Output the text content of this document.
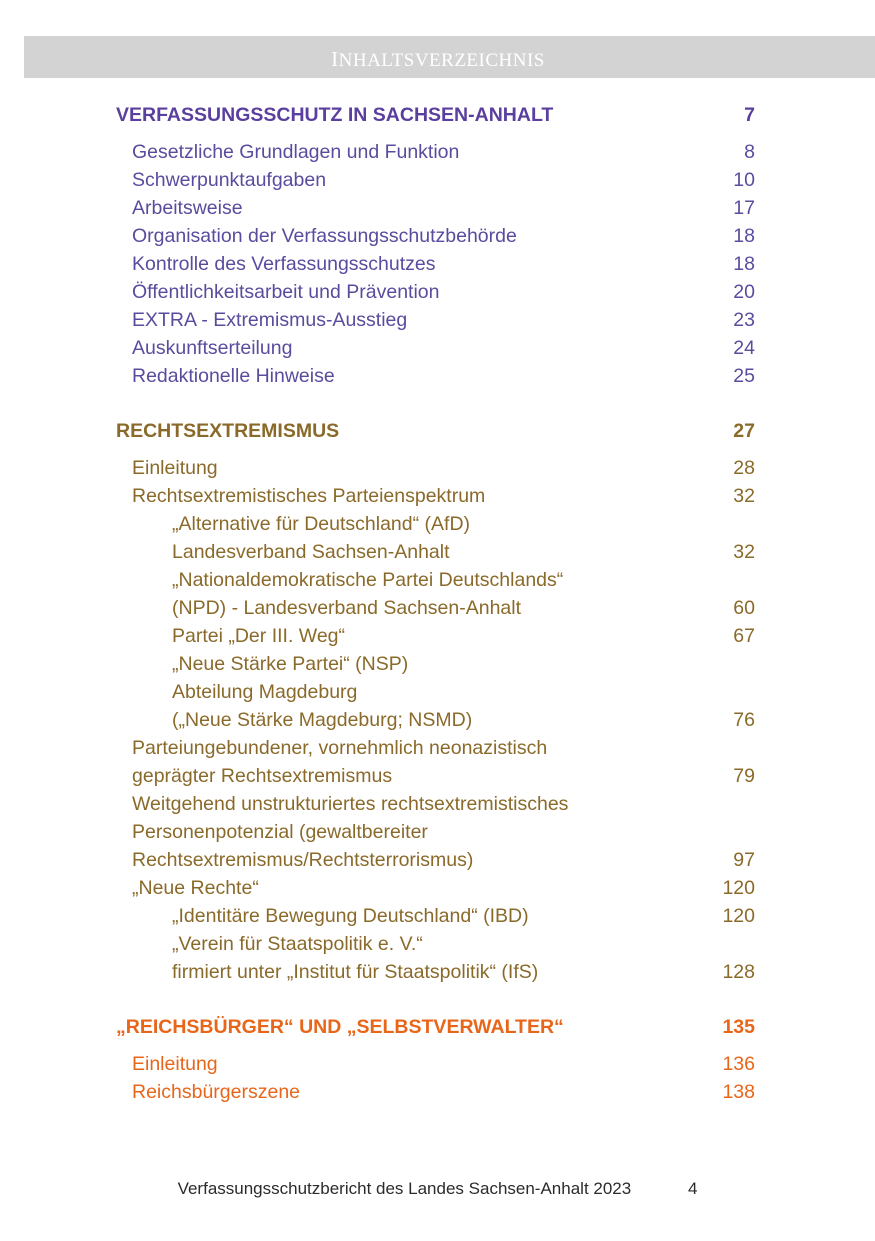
inhaltsverzeichnis
VERFASSUNGSSCHUTZ IN SACHSEN-ANHALT	7
Gesetzliche Grundlagen und Funktion	8
Schwerpunktaufgaben	10
Arbeitsweise	17
Organisation der Verfassungsschutzbehörde	18
Kontrolle des Verfassungsschutzes	18
Öffentlichkeitsarbeit und Prävention	20
EXTRA - Extremismus-Ausstieg	23
Auskunftserteilung	24
Redaktionelle Hinweise	25
RECHTSEXTREMISMUS	27
Einleitung	28
Rechtsextremistisches Parteienspektrum	32
„Alternative für Deutschland“ (AfD)
Landesverband Sachsen-Anhalt	32
„Nationaldemokratische Partei Deutschlands“
(NPD) - Landesverband Sachsen-Anhalt	60
Partei „Der III. Weg“	67
„Neue Stärke Partei“ (NSP)
Abteilung Magdeburg
(„Neue Stärke Magdeburg; NSMD)	76
Parteiungebundener, vornehmlich neonazistisch
geprägter Rechtsextremismus	79
Weitgehend unstrukturiertes rechtsextremistisches
Personenpotenzial (gewaltbereiter
Rechtsextremismus/Rechtsterrorismus)	97
„Neue Rechte“	120
„Identitäre Bewegung Deutschland“ (IBD)	120
„Verein für Staatspolitik e. V.“
firmiert unter „Institut für Staatspolitik“ (IfS)	128
„REICHSBÜRGER“ UND „SELBSTVERWALTER“	135
Einleitung	136
Reichsbürgerszene	138
Verfassungsschutzbericht des Landes Sachsen-Anhalt 2023	4
